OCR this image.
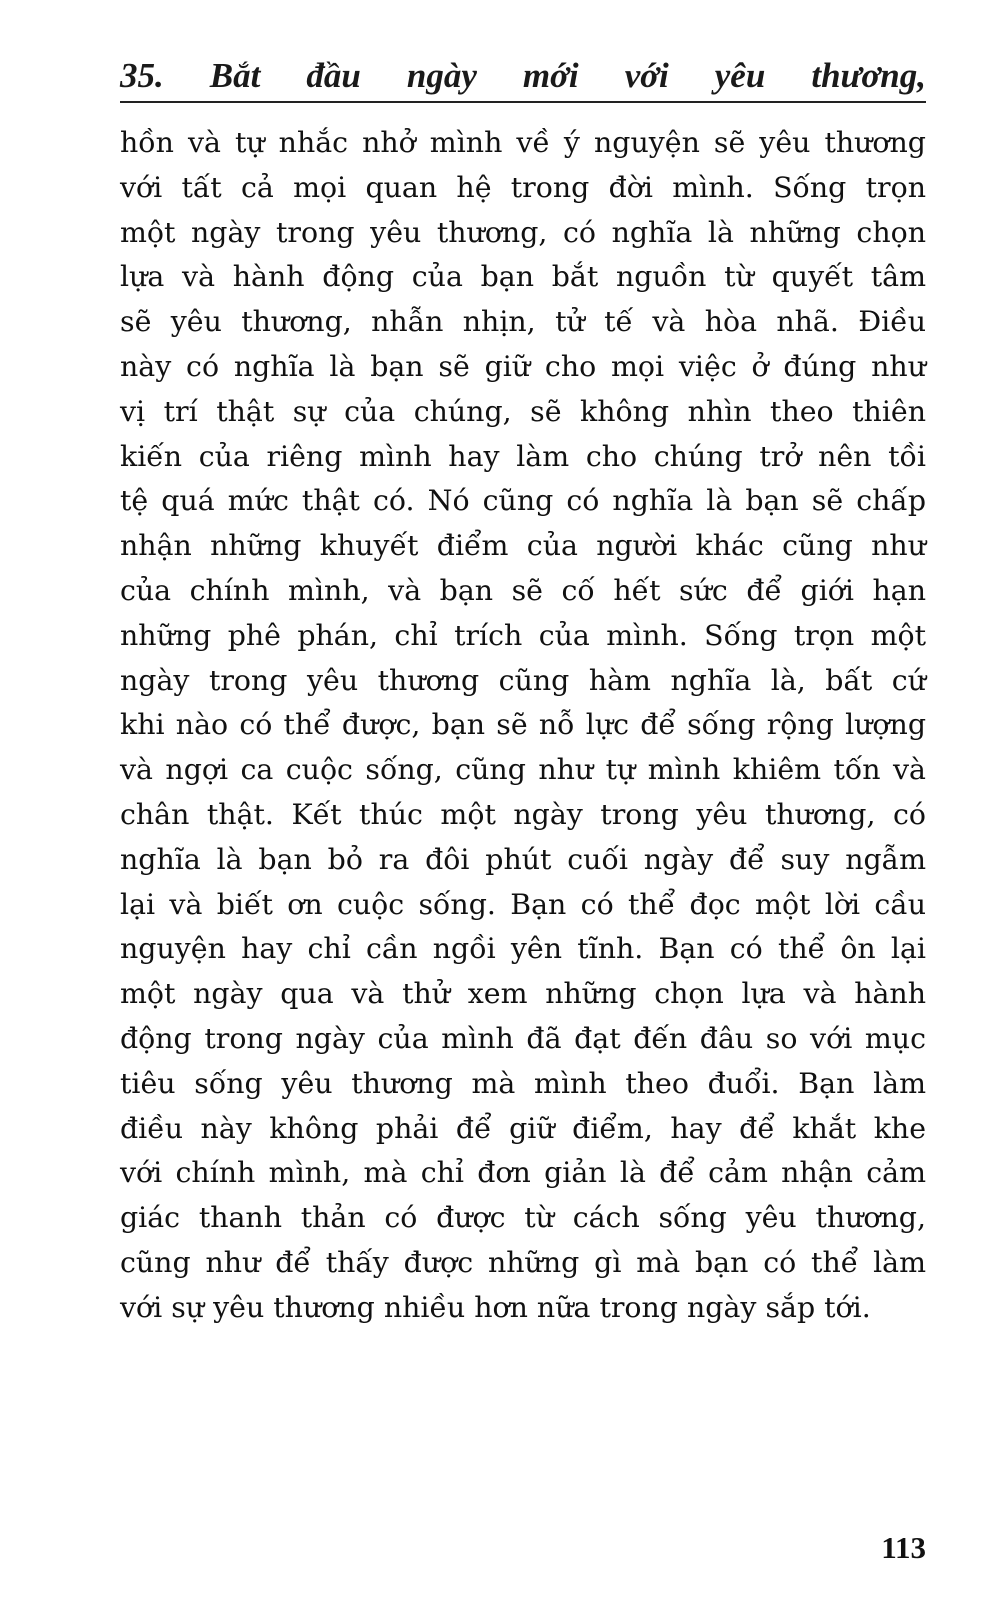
35. Bắt đầu ngày mới với yêu thương,
hồn và tự nhắc nhở mình về ý nguyện sẽ yêu thương
với tất cả mọi quan hệ trong đời mình. Sống trọn
một ngày trong yêu thương, có nghĩa là những chọn
lựa và hành động của bạn bắt nguồn từ quyết tâm
sẽ yêu thương, nhẫn nhịn, tử tế và hòa nhã. Điều
này có nghĩa là bạn sẽ giữ cho mọi việc ở đúng như
vị trí thật sự của chúng, sẽ không nhìn theo thiên
kiến của riêng mình hay làm cho chúng trở nên tồi
tệ quá mức thật có. Nó cũng có nghĩa là bạn sẽ chấp
nhận những khuyết điểm của người khác cũng như
của chính mình, và bạn sẽ cố hết sức để giới hạn
những phê phán, chỉ trích của mình. Sống trọn một
ngày trong yêu thương cũng hàm nghĩa là, bất cứ
khi nào có thể được, bạn sẽ nỗ lực để sống rộng lượng
và ngợi ca cuộc sống, cũng như tự mình khiêm tốn và
chân thật. Kết thúc một ngày trong yêu thương, có
nghĩa là bạn bỏ ra đôi phút cuối ngày để suy ngẫm
lại và biết ơn cuộc sống. Bạn có thể đọc một lời cầu
nguyện hay chỉ cần ngồi yên tĩnh. Bạn có thể ôn lại
một ngày qua và thử xem những chọn lựa và hành
động trong ngày của mình đã đạt đến đâu so với mục
tiêu sống yêu thương mà mình theo đuổi. Bạn làm
điều này không phải để giữ điểm, hay để khắt khe
với chính mình, mà chỉ đơn giản là để cảm nhận cảm
giác thanh thản có được từ cách sống yêu thương,
cũng như để thấy được những gì mà bạn có thể làm
với sự yêu thương nhiều hơn nữa trong ngày sắp tới.
113
